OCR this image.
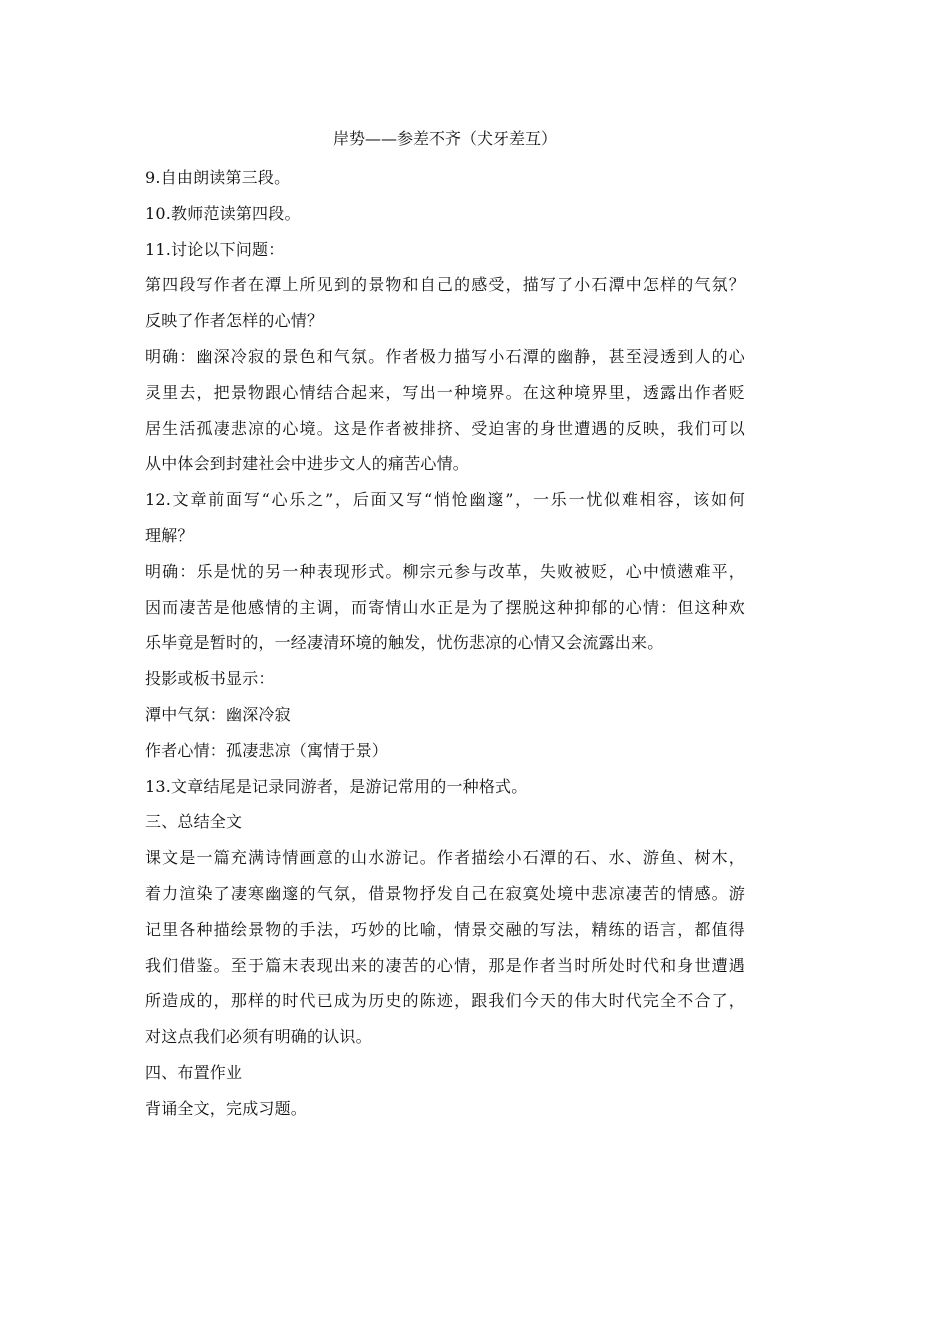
岸势——参差不齐（犬牙差互）
9.自由朗读第三段。
10.教师范读第四段。
11.讨论以下问题：
第四段写作者在潭上所见到的景物和自己的感受，描写了小石潭中怎样的气氛？
反映了作者怎样的心情？
明确：幽深冷寂的景色和气氛。作者极力描写小石潭的幽静，甚至浸透到人的心
灵里去，把景物跟心情结合起来，写出一种境界。在这种境界里，透露出作者贬
居生活孤凄悲凉的心境。这是作者被排挤、受迫害的身世遭遇的反映，我们可以
从中体会到封建社会中进步文人的痛苦心情。
12.文章前面写“心乐之”，后面又写“悄怆幽邃”，一乐一忧似难相容，该如何
理解？
明确：乐是忧的另一种表现形式。柳宗元参与改革，失败被贬，心中愤懑难平，
因而凄苦是他感情的主调，而寄情山水正是为了摆脱这种抑郁的心情：但这种欢
乐毕竟是暂时的，一经凄清环境的触发，忧伤悲凉的心情又会流露出来。
投影或板书显示：
潭中气氛：幽深冷寂
作者心情：孤凄悲凉（寓情于景）
13.文章结尾是记录同游者，是游记常用的一种格式。
三、总结全文
课文是一篇充满诗情画意的山水游记。作者描绘小石潭的石、水、游鱼、树木，
着力渲染了凄寒幽邃的气氛，借景物抒发自己在寂寞处境中悲凉凄苦的情感。游
记里各种描绘景物的手法，巧妙的比喻，情景交融的写法，精练的语言，都值得
我们借鉴。至于篇末表现出来的凄苦的心情，那是作者当时所处时代和身世遭遇
所造成的，那样的时代已成为历史的陈迹，跟我们今天的伟大时代完全不合了，
对这点我们必须有明确的认识。
四、布置作业
背诵全文，完成习题。
